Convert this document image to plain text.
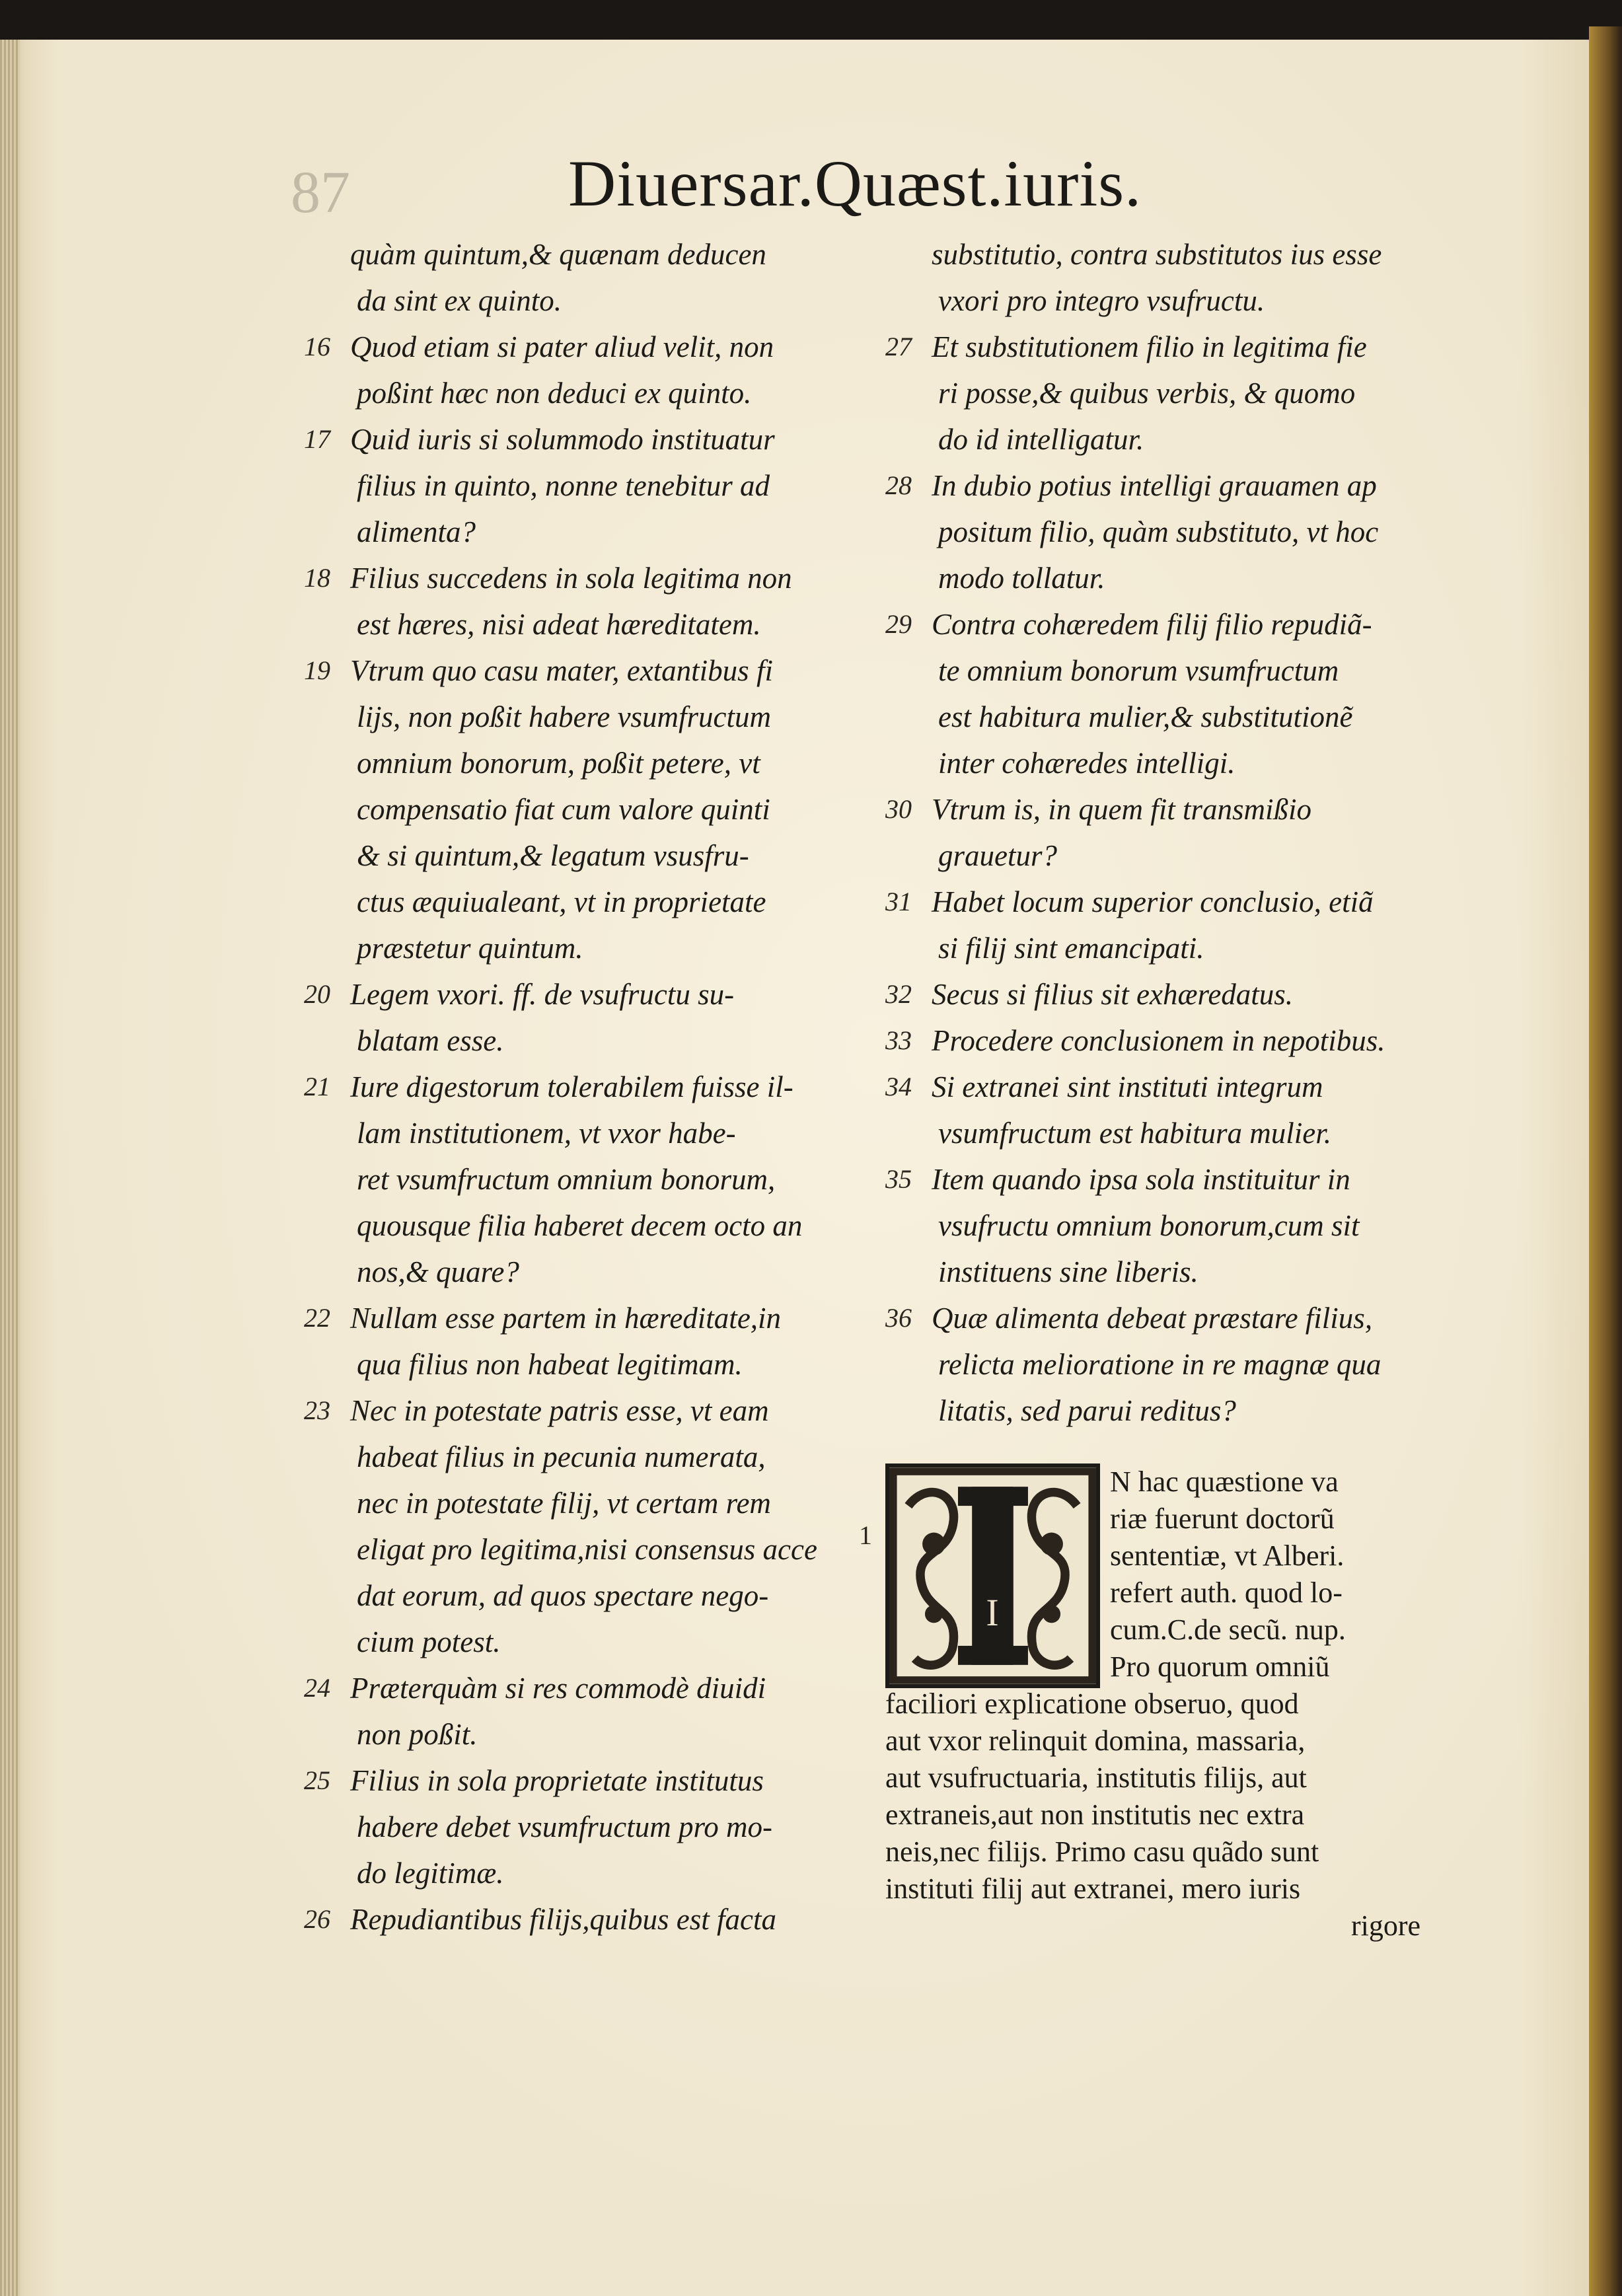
87	Diuersar.Quæst.iuris.
quàm quintum,& quænam deducen
da sint ex quinto.
16 Quod etiam si pater aliud velit, non
poßint hæc non deduci ex quinto.
17 Quid iuris si solummodo instituatur
filius in quinto, nonne tenebitur ad
alimenta?
18 Filius succedens in sola legitima non
est hæres, nisi adeat hæreditatem.
19 Vtrum quo casu mater, extantibus fi
lijs, non poßit habere vsumfructum
omnium bonorum, poßit petere, vt
compensatio fiat cum valore quinti
& si quintum,& legatum vsusfru-
ctus æquiualeant, vt in proprietate
præstetur quintum.
20 Legem vxori. ff. de vsufructu su-
blatam esse.
21 Iure digestorum tolerabilem fuisse il-
lam institutionem, vt vxor habe-
ret vsumfructum omnium bonorum,
quousque filia haberet decem octo an
nos,& quare?
22 Nullam esse partem in hæreditate,in
qua filius non habeat legitimam.
23 Nec in potestate patris esse, vt eam
habeat filius in pecunia numerata,
nec in potestate filij, vt certam rem
eligat pro legitima,nisi consensus acce
dat eorum, ad quos spectare nego-
cium potest.
24 Præterquàm si res commodè diuidi
non poßit.
25 Filius in sola proprietate institutus
habere debet vsumfructum pro mo-
do legitimæ.
26 Repudiantibus filijs,quibus est facta
substitutio, contra substitutos ius esse
vxori pro integro vsufructu.
27 Et substitutionem filio in legitima fie
ri posse,& quibus verbis, & quomo
do id intelligatur.
28 In dubio potius intelligi grauamen ap
positum filio, quàm substituto, vt hoc
modo tollatur.
29 Contra cohæredem filij filio repudiã-
te omnium bonorum vsumfructum
est habitura mulier,& substitutionẽ
inter cohæredes intelligi.
30 Vtrum is, in quem fit transmißio
grauetur?
31 Habet locum superior conclusio, etiã
si filij sint emancipati.
32 Secus si filius sit exhæredatus.
33 Procedere conclusionem in nepotibus.
34 Si extranei sint instituti integrum
vsumfructum est habitura mulier.
35 Item quando ipsa sola instituitur in
vsufructu omnium bonorum,cum sit
instituens sine liberis.
36 Quæ alimenta debeat præstare filius,
relicta melioratione in re magnæ qua
litatis, sed parui reditus?
1
I
N hac quæstione va
riæ fuerunt doctorũ
sententiæ, vt Alberi.
refert auth. quod lo-
cum.C.de secũ. nup.
Pro quorum omniũ
faciliori explicatione obseruo, quod
aut vxor relinquit domina, massaria,
aut vsufructuaria, institutis filijs, aut
extraneis,aut non institutis nec extra
neis,nec filijs. Primo casu quãdo sunt
instituti filij aut extranei, mero iuris
rigore
